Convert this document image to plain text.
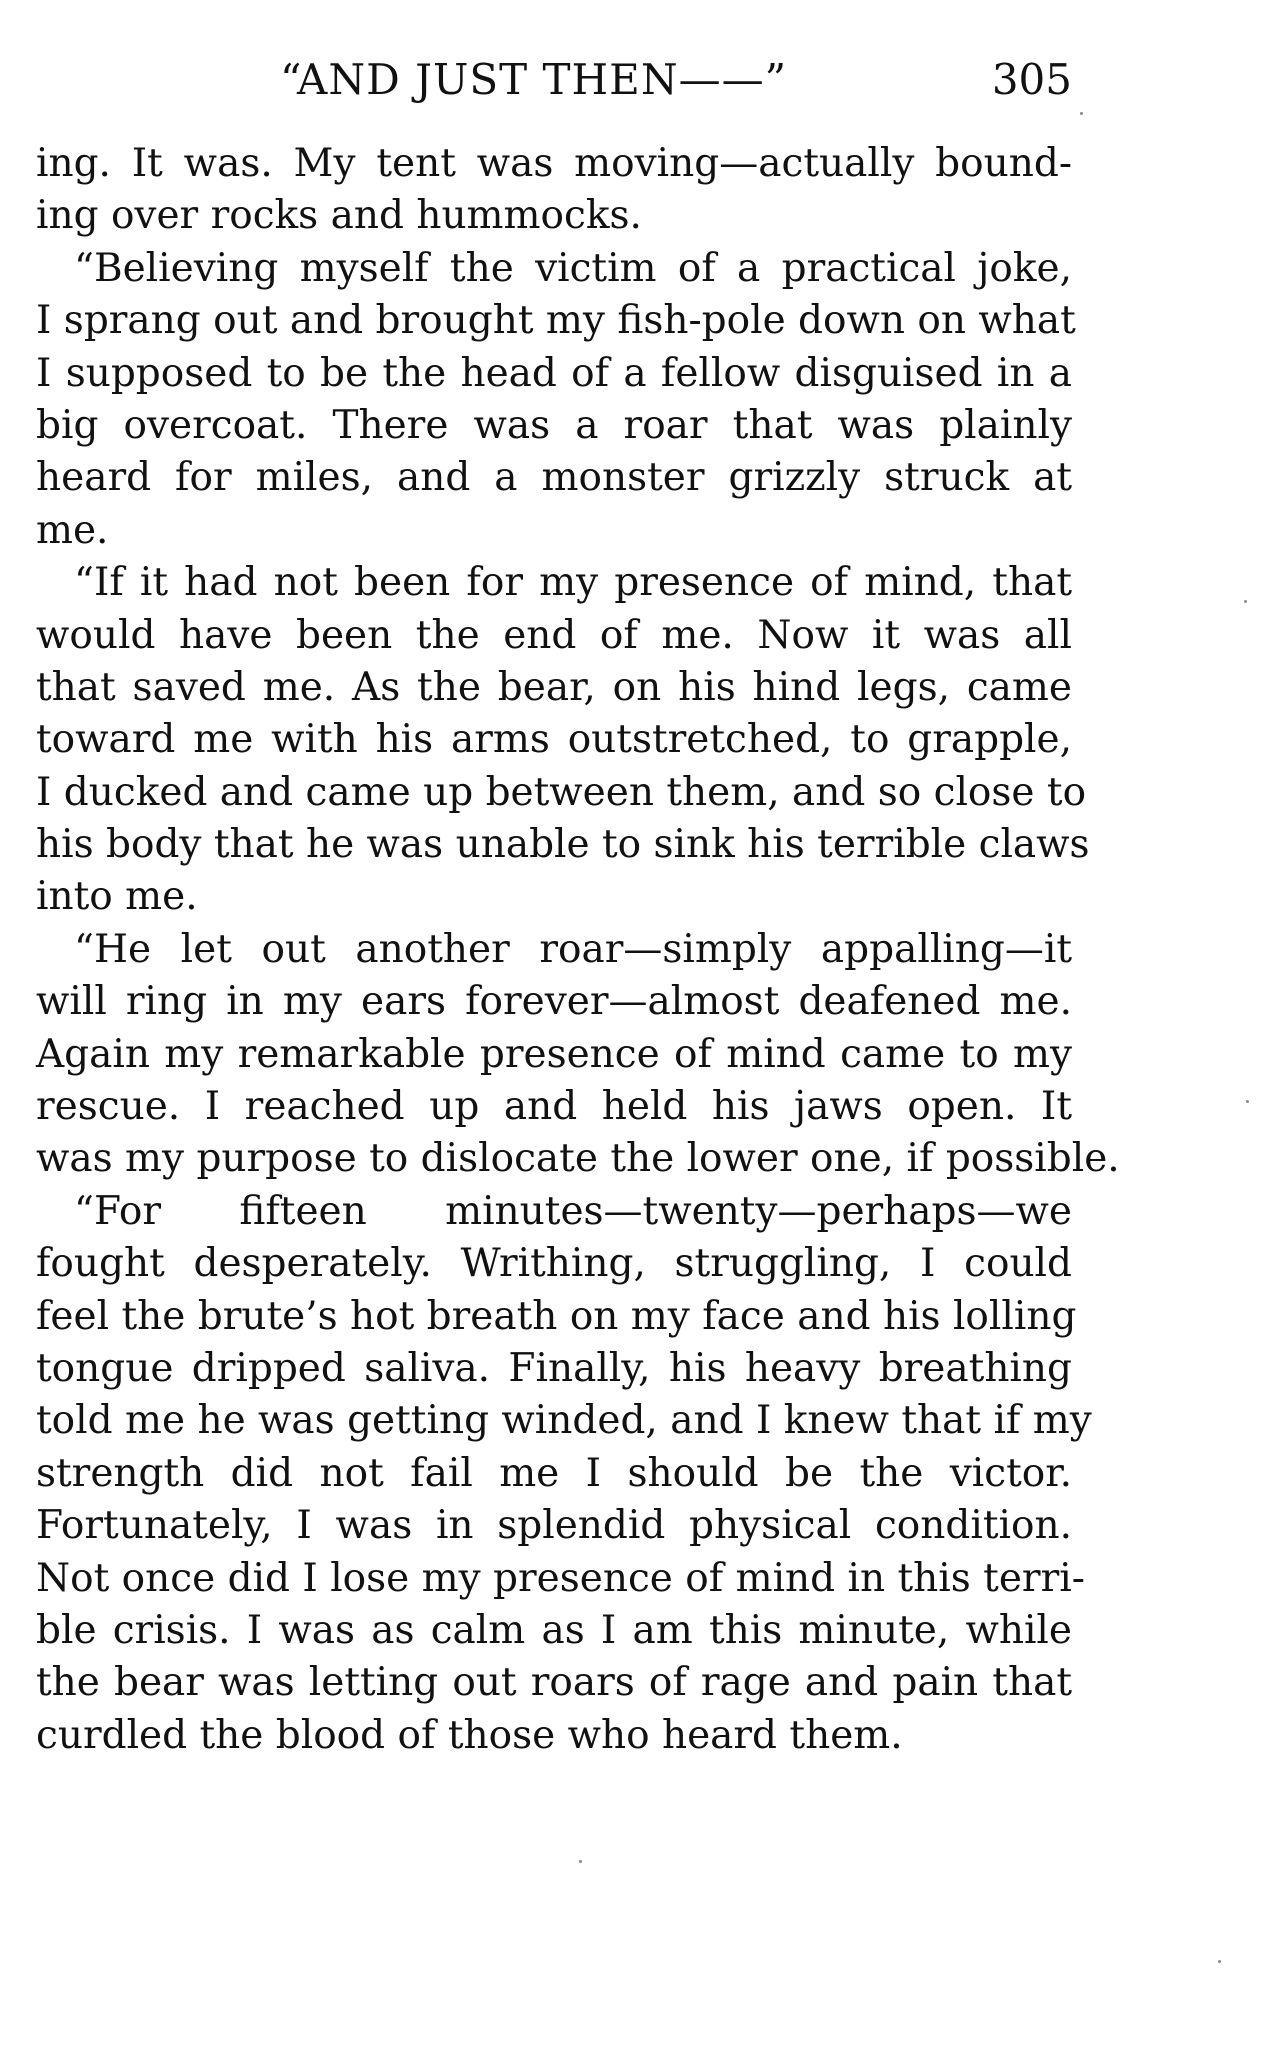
“AND JUST THEN——”	305
ing. It was. My tent was moving—actually bound-
ing over rocks and hummocks.
“Believing myself the victim of a practical joke,
I sprang out and brought my fish-pole down on what
I supposed to be the head of a fellow disguised in a
big overcoat. There was a roar that was plainly
heard for miles, and a monster grizzly struck at
me.
“If it had not been for my presence of mind, that
would have been the end of me. Now it was all
that saved me. As the bear, on his hind legs, came
toward me with his arms outstretched, to grapple,
I ducked and came up between them, and so close to
his body that he was unable to sink his terrible claws
into me.
“He let out another roar—simply appalling—it
will ring in my ears forever—almost deafened me.
Again my remarkable presence of mind came to my
rescue. I reached up and held his jaws open. It
was my purpose to dislocate the lower one, if possible.
“For fifteen minutes—twenty—perhaps—we
fought desperately. Writhing, struggling, I could
feel the brute’s hot breath on my face and his lolling
tongue dripped saliva. Finally, his heavy breathing
told me he was getting winded, and I knew that if my
strength did not fail me I should be the victor.
Fortunately, I was in splendid physical condition.
Not once did I lose my presence of mind in this terri-
ble crisis. I was as calm as I am this minute, while
the bear was letting out roars of rage and pain that
curdled the blood of those who heard them.
